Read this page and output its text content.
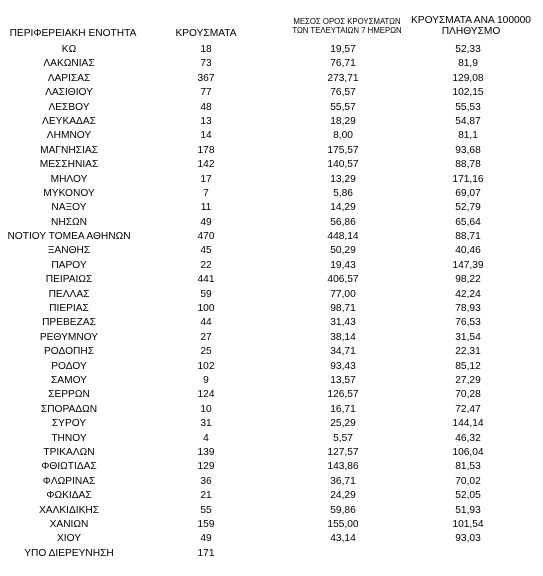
ΠΕΡΙΦΕΡΕΙΑΚΗ ΕΝΟΤΗΤΑ	ΚΡΟΥΣΜΑΤΑ
ΜΕΣΟΣ ΟΡΟΣ ΚΡΟΥΣΜΑΤΩΝ
ΤΩΝ ΤΕΛΕΥΤΑΙΩΝ 7 ΗΜΕΡΩΝ
ΚΡΟΥΣΜΑΤΑ ΑΝΑ 100000
ΠΛΗΘΥΣΜΟ
ΚΩ	18	19,57	52,33
ΛΑΚΩΝΙΑΣ	73	76,71	81,9
ΛΑΡΙΣΑΣ	367	273,71	129,08
ΛΑΣΙΘΙΟΥ	77	76,57	102,15
ΛΕΣΒΟΥ	48	55,57	55,53
ΛΕΥΚΑΔΑΣ	13	18,29	54,87
ΛΗΜΝΟΥ	14	8,00	81,1
ΜΑΓΝΗΣΙΑΣ	178	175,57	93,68
ΜΕΣΣΗΝΙΑΣ	142	140,57	88,78
ΜΗΛΟΥ	17	13,29	171,16
ΜΥΚΟΝΟΥ	7	5,86	69,07
ΝΑΞΟΥ	11	14,29	52,79
ΝΗΣΩΝ	49	56,86	65,64
ΝΟΤΙΟΥ ΤΟΜΕΑ ΑΘΗΝΩΝ	470	448,14	88,71
ΞΑΝΘΗΣ	45	50,29	40,46
ΠΑΡΟΥ	22	19,43	147,39
ΠΕΙΡΑΙΩΣ	441	406,57	98,22
ΠΕΛΛΑΣ	59	77,00	42,24
ΠΙΕΡΙΑΣ	100	98,71	78,93
ΠΡΕΒΕΖΑΣ	44	31,43	76,53
ΡΕΘΥΜΝΟΥ	27	38,14	31,54
ΡΟΔΟΠΗΣ	25	34,71	22,31
ΡΟΔΟΥ	102	93,43	85,12
ΣΑΜΟΥ	9	13,57	27,29
ΣΕΡΡΩΝ	124	126,57	70,28
ΣΠΟΡΑΔΩΝ	10	16,71	72,47
ΣΥΡΟΥ	31	25,29	144,14
ΤΗΝΟΥ	4	5,57	46,32
ΤΡΙΚΑΛΩΝ	139	127,57	106,04
ΦΘΙΩΤΙΔΑΣ	129	143,86	81,53
ΦΛΩΡΙΝΑΣ	36	36,71	70,02
ΦΩΚΙΔΑΣ	21	24,29	52,05
ΧΑΛΚΙΔΙΚΗΣ	55	59,86	51,93
ΧΑΝΙΩΝ	159	155,00	101,54
ΧΙΟΥ	49	43,14	93,03
ΥΠΟ ΔΙΕΡΕΥΝΗΣΗ	171
